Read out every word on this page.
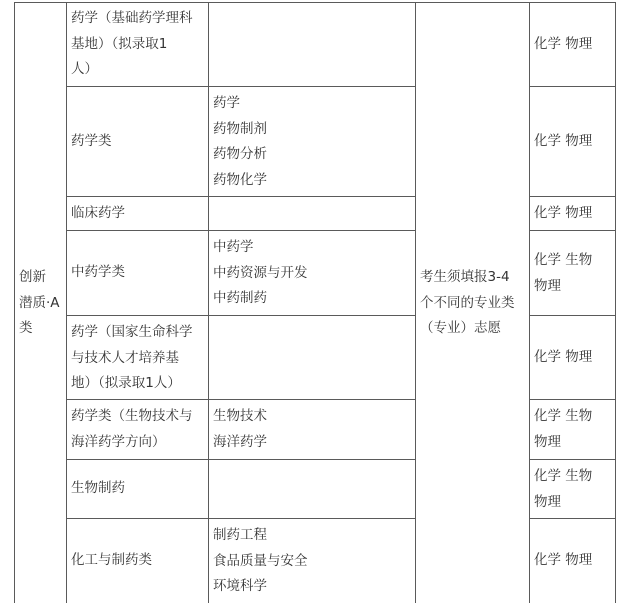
创新
潜质·A
类
考生须填报3-4
个不同的专业类
（专业）志愿
药学（基础药学理科
基地）（拟录取1
人）
化学 物理
药学类
药学
药物制剂
药物分析
药物化学
化学 物理
临床药学	化学 物理
中药学类
中药学
中药资源与开发
中药制药
化学 生物
物理
药学（国家生命科学
与技术人才培养基
地）（拟录取1人）
化学 物理
药学类（生物技术与
海洋药学方向）
生物技术
海洋药学
化学 生物
物理
生物制药
化学 生物
物理
化工与制药类
制药工程
食品质量与安全
环境科学
化学 物理
